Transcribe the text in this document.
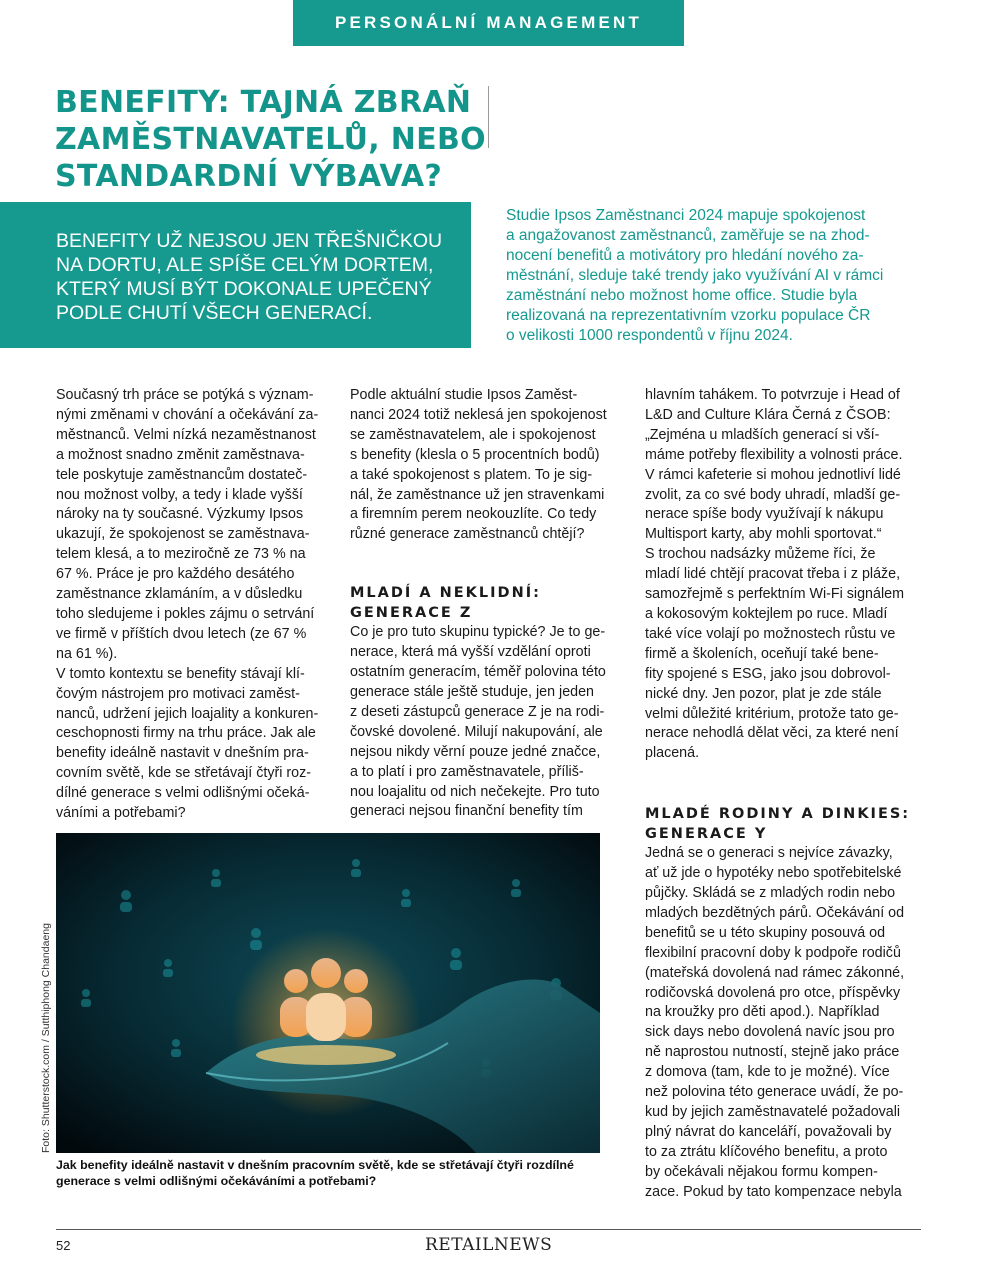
PERSONÁLNÍ MANAGEMENT
BENEFITY: TAJNÁ ZBRAŇ
ZAMĚSTNAVATELŮ, NEBO
STANDARDNÍ VÝBAVA?
BENEFITY UŽ NEJSOU JEN TŘEŠNIČKOU
NA DORTU, ALE SPÍŠE CELÝM DORTEM,
KTERÝ MUSÍ BÝT DOKONALE UPEČENÝ
PODLE CHUTÍ VŠECH GENERACÍ.
Studie Ipsos Zaměstnanci 2024 mapuje spokojenost
a angažovanost zaměstnanců, zaměřuje se na zhod-
nocení benefitů a motivátory pro hledání nového za-
městnání, sleduje také trendy jako využívání AI v rámci
zaměstnání nebo možnost home office. Studie byla
realizovaná na reprezentativním vzorku populace ČR
o velikosti 1000 respondentů v říjnu 2024.

Současný trh práce se potýká s význam-
nými změnami v chování a očekávání za-
městnanců. Velmi nízká nezaměstnanost
a možnost snadno změnit zaměstnava-
tele poskytuje zaměstnancům dostateč-
nou možnost volby, a tedy i klade vyšší
nároky na ty současné. Výzkumy Ipsos
ukazují, že spokojenost se zaměstnava-
telem klesá, a to meziročně ze 73 % na
67 %. Práce je pro každého desátého
zaměstnance zklamáním, a v důsledku
toho sledujeme i pokles zájmu o setrvání
ve firmě v příštích dvou letech (ze 67 %
na 61 %).

V tomto kontextu se benefity stávají klí-
čovým nástrojem pro motivaci zaměst-
nanců, udržení jejich loajality a konkuren-
ceschopnosti firmy na trhu práce. Jak ale
benefity ideálně nastavit v dnešním pra-
covním světě, kde se střetávají čtyři roz-
dílné generace s velmi odlišnými očeká-
váními a potřebami?

Podle aktuální studie Ipsos Zaměst-
nanci 2024 totiž neklesá jen spokojenost
se zaměstnavatelem, ale i spokojenost
s benefity (klesla o 5 procentních bodů)
a také spokojenost s platem. To je sig-
nál, že zaměstnance už jen stravenkami
a firemním perem neokouzlíte. Co tedy
různé generace zaměstnanců chtějí?

MLADÍ A NEKLIDNÍ:
GENERACE Z

Co je pro tuto skupinu typické? Je to ge-
nerace, která má vyšší vzdělání oproti
ostatním generacím, téměř polovina této
generace stále ještě studuje, jen jeden
z deseti zástupců generace Z je na rodi-
čovské dovolené. Milují nakupování, ale
nejsou nikdy věrní pouze jedné značce,
a to platí i pro zaměstnavatele, příliš-
nou loajalitu od nich nečekejte. Pro tuto
generaci nejsou finanční benefity tím

hlavním tahákem. To potvrzuje i Head of
L&D and Culture Klára Černá z ČSOB:
„Zejména u mladších generací si vší-
máme potřeby flexibility a volnosti práce.
V rámci kafeterie si mohou jednotliví lidé
zvolit, za co své body uhradí, mladší ge-
nerace spíše body využívají k nákupu
Multisport karty, aby mohli sportovat.“
S trochou nadsázky můžeme říci, že
mladí lidé chtějí pracovat třeba i z pláže,
samozřejmě s perfektním Wi-Fi signálem
a kokosovým koktejlem po ruce. Mladí
také více volají po možnostech růstu ve
firmě a školeních, oceňují také bene-
fity spojené s ESG, jako jsou dobrovol-
nické dny. Jen pozor, plat je zde stále
velmi důležité kritérium, protože tato ge-
nerace nehodlá dělat věci, za které není
placená.

MLADÉ RODINY A DINKIES:
GENERACE Y

Jedná se o generaci s nejvíce závazky,
ať už jde o hypotéky nebo spotřebitelské
půjčky. Skládá se z mladých rodin nebo
mladých bezdětných párů. Očekávání od
benefitů se u této skupiny posouvá od
flexibilní pracovní doby k podpoře rodičů
(mateřská dovolená nad rámec zákonné,
rodičovská dovolená pro otce, příspěvky
na kroužky pro děti apod.). Například
sick days nebo dovolená navíc jsou pro
ně naprostou nutností, stejně jako práce
z domova (tam, kde to je možné). Více
než polovina této generace uvádí, že po-
kud by jejich zaměstnavatelé požadovali
plný návrat do kanceláří, považovali by
to za ztrátu klíčového benefitu, a proto
by očekávali nějakou formu kompen-
zace. Pokud by tato kompenzace nebyla

Foto: Shutterstock.com / Sutthiphong Chandaeng
Jak benefity ideálně nastavit v dnešním pracovním světě, kde se střetávají čtyři rozdílné
generace s velmi odlišnými očekáváními a potřebami?
52	RETAILNEWS
